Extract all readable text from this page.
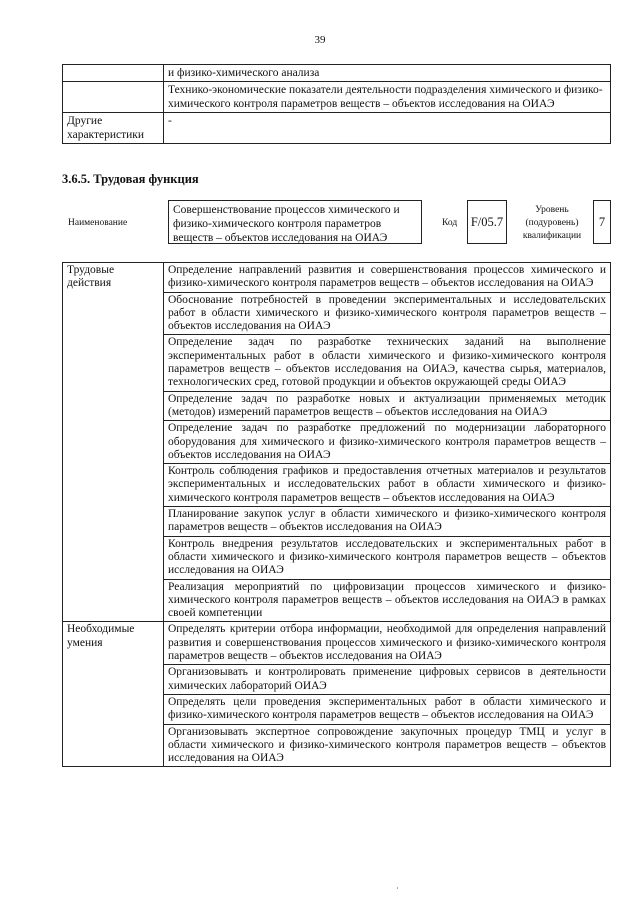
39
	и физико-химического анализа
	Технико-экономические показатели деятельности подразделения химического и физико-химического контроля параметров веществ – объектов исследования на ОИАЭ
Другие характеристики	-
3.6.5. Трудовая функция
Наименование
Совершенствование процессов химического и физико-химического контроля параметров веществ – объектов исследования на ОИАЭ
Код	F/05.7
Уровень (подуровень) квалификации
7
Трудовые действия	Определение направлений развития и совершенствования процессов химического и физико-химического контроля параметров веществ – объектов исследования на ОИАЭ
	Обоснование потребностей в проведении экспериментальных и исследовательских работ в области химического и физико-химического контроля параметров веществ – объектов исследования на ОИАЭ
	Определение задач по разработке технических заданий на выполнение экспериментальных работ в области химического и физико-химического контроля параметров веществ – объектов исследования на ОИАЭ, качества сырья, материалов, технологических сред, готовой продукции и объектов окружающей среды ОИАЭ
	Определение задач по разработке новых и актуализации применяемых методик (методов) измерений параметров веществ – объектов исследования на ОИАЭ
	Определение задач по разработке предложений по модернизации лабораторного оборудования для химического и физико-химического контроля параметров веществ – объектов исследования на ОИАЭ
	Контроль соблюдения графиков и предоставления отчетных материалов и результатов экспериментальных и исследовательских работ в области химического и физико-химического контроля параметров веществ – объектов исследования на ОИАЭ
	Планирование закупок услуг в области химического и физико-химического контроля параметров веществ – объектов исследования на ОИАЭ
	Контроль внедрения результатов исследовательских и экспериментальных работ в области химического и физико-химического контроля параметров веществ – объектов исследования на ОИАЭ
	Реализация мероприятий по цифровизации процессов химического и физико-химического контроля параметров веществ – объектов исследования на ОИАЭ в рамках своей компетенции
Необходимые умения	Определять критерии отбора информации, необходимой для определения направлений развития и совершенствования процессов химического и физико-химического контроля параметров веществ – объектов исследования на ОИАЭ
	Организовывать и контролировать применение цифровых сервисов в деятельности химических лабораторий ОИАЭ
	Определять цели проведения экспериментальных работ в области химического и физико-химического контроля параметров веществ – объектов исследования на ОИАЭ
	Организовывать экспертное сопровождение закупочных процедур ТМЦ и услуг в области химического и физико-химического контроля параметров веществ – объектов исследования на ОИАЭ
·
